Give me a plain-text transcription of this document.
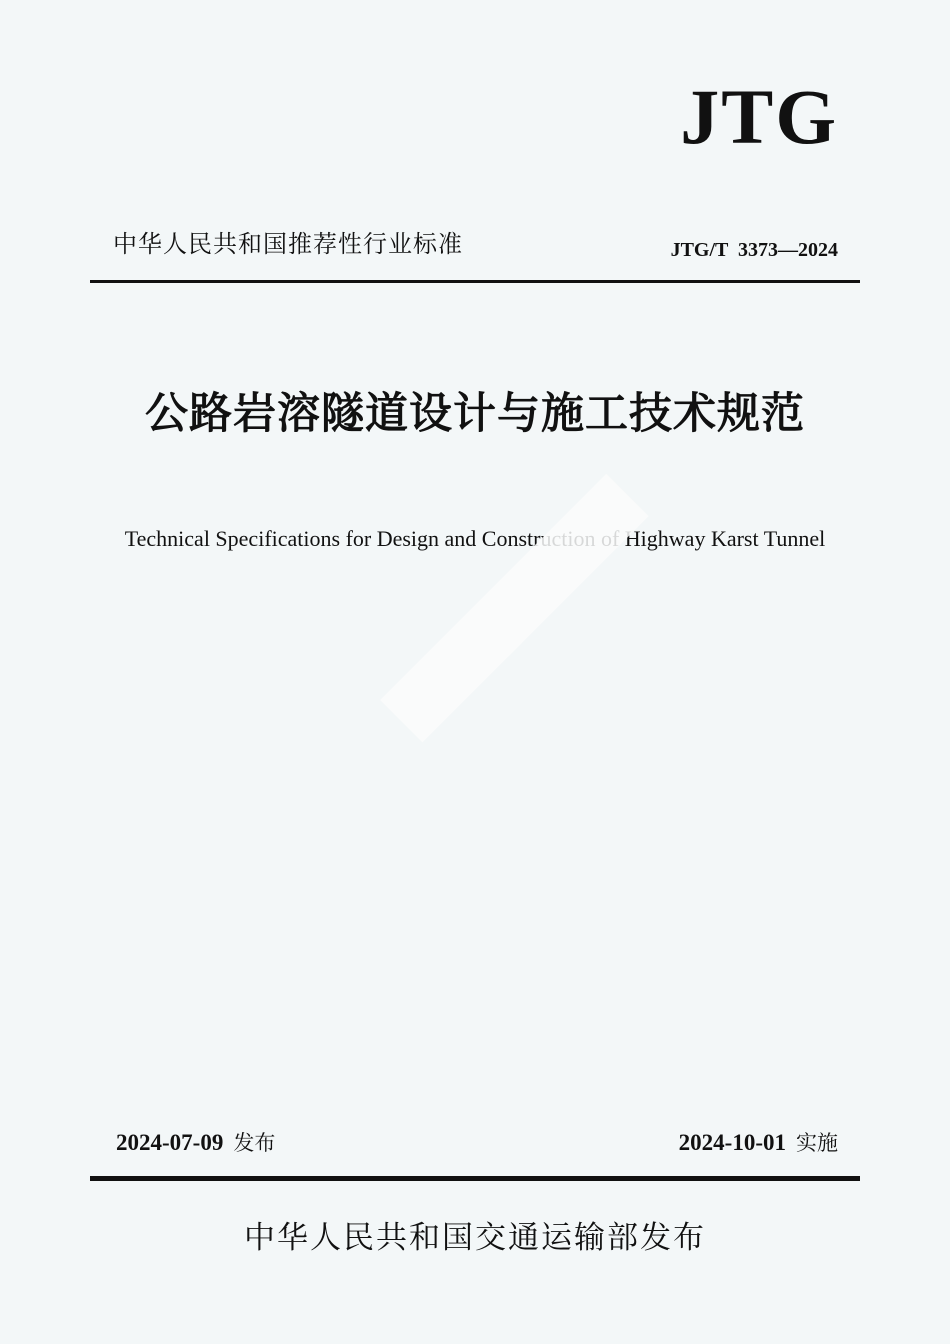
JTG
中华人民共和国推荐性行业标准	JTG/T  3373—2024
公路岩溶隧道设计与施工技术规范
Technical Specifications for Design and Construction of Highway Karst Tunnel
2024-07-09 发布	2024-10-01 实施
中华人民共和国交通运输部发布
